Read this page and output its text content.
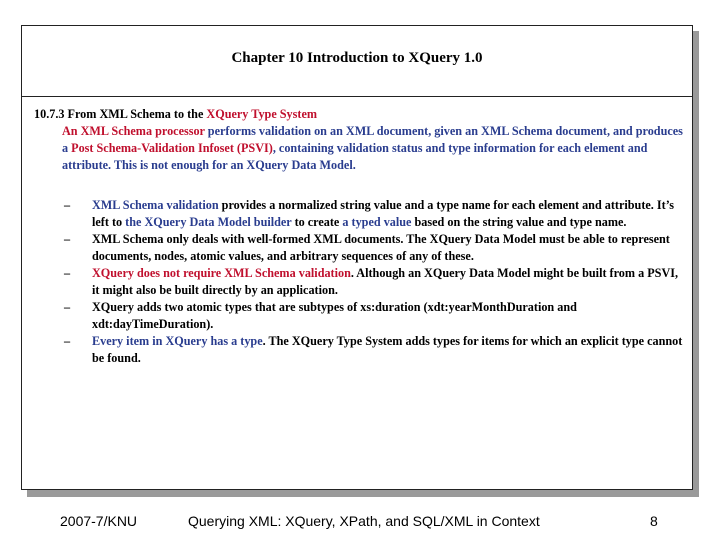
Chapter 10 Introduction to XQuery 1.0
10.7.3 From XML Schema to the XQuery Type System
An XML Schema processor performs validation on an XML document, given an XML Schema document, and produces a Post Schema-Validation Infoset (PSVI), containing validation status and type information for each element and attribute. This is not enough for an XQuery Data Model.
– XML Schema validation provides a normalized string value and a type name for each element and attribute. It’s left to the XQuery Data Model builder to create a typed value based on the string value and type name.
– XML Schema only deals with well-formed XML documents. The XQuery Data Model must be able to represent documents, nodes, atomic values, and arbitrary sequences of any of these.
– XQuery does not require XML Schema validation. Although an XQuery Data Model might be built from a PSVI, it might also be built directly by an application.
– XQuery adds two atomic types that are subtypes of xs:duration (xdt:yearMonthDuration and xdt:dayTimeDuration).
– Every item in XQuery has a type. The XQuery Type System adds types for items for which an explicit type cannot be found.
2007-7/KNU	Querying XML: XQuery, XPath, and SQL/XML in Context	8
